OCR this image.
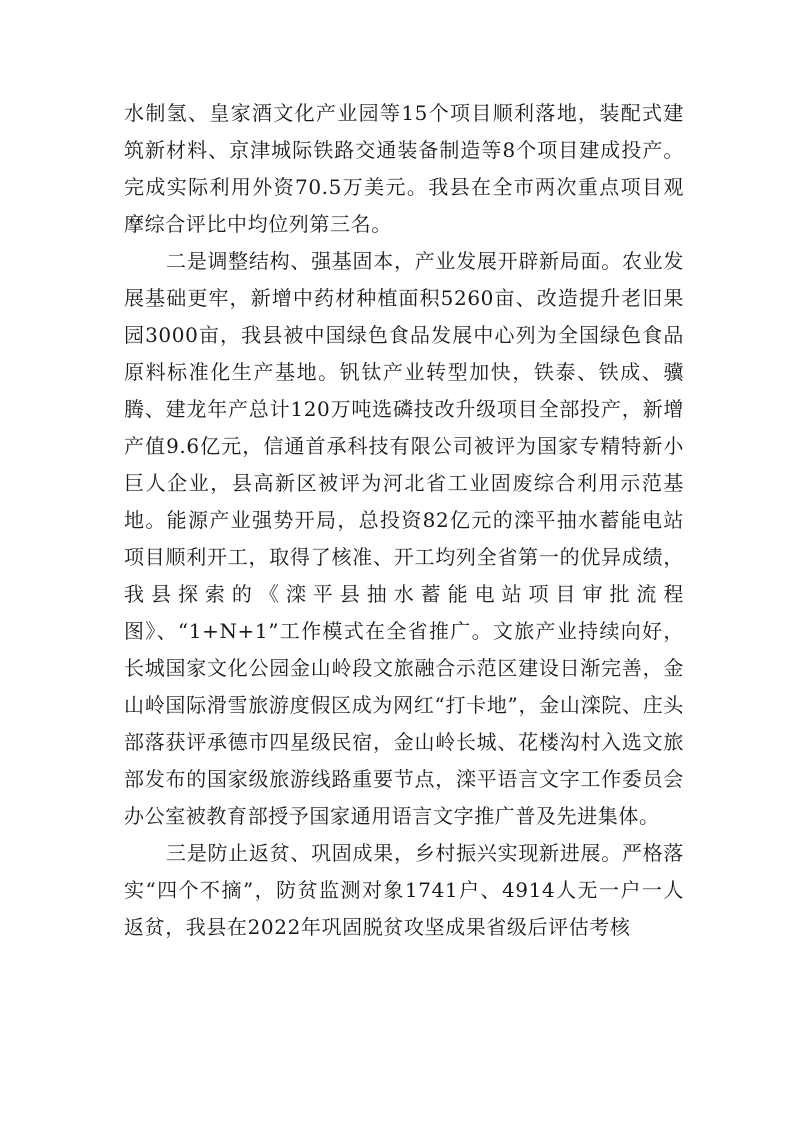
水制氢、皇家酒文化产业园等15个项目顺利落地，装配式建筑新材料、京津城际铁路交通装备制造等8个项目建成投产。完成实际利用外资70.5万美元。我县在全市两次重点项目观摩综合评比中均位列第三名。

二是调整结构、强基固本，产业发展开辟新局面。农业发展基础更牢，新增中药材种植面积5260亩、改造提升老旧果园3000亩，我县被中国绿色食品发展中心列为全国绿色食品原料标准化生产基地。钒钛产业转型加快，铁泰、铁成、骥腾、建龙年产总计120万吨选磷技改升级项目全部投产，新增产值9.6亿元，信通首承科技有限公司被评为国家专精特新小巨人企业，县高新区被评为河北省工业固废综合利用示范基地。能源产业强势开局，总投资82亿元的滦平抽水蓄能电站项目顺利开工，取得了核准、开工均列全省第一的优异成绩，我县探索的《滦平县抽水蓄能电站项目审批流程图》、“1+N+1”工作模式在全省推广。文旅产业持续向好，长城国家文化公园金山岭段文旅融合示范区建设日渐完善，金山岭国际滑雪旅游度假区成为网红“打卡地”，金山滦院、庄头部落获评承德市四星级民宿，金山岭长城、花楼沟村入选文旅部发布的国家级旅游线路重要节点，滦平语言文字工作委员会办公室被教育部授予国家通用语言文字推广普及先进集体。

三是防止返贫、巩固成果，乡村振兴实现新进展。严格落实“四个不摘”，防贫监测对象1741户、4914人无一户一人返贫，我县在2022年巩固脱贫攻坚成果省级后评估考核
